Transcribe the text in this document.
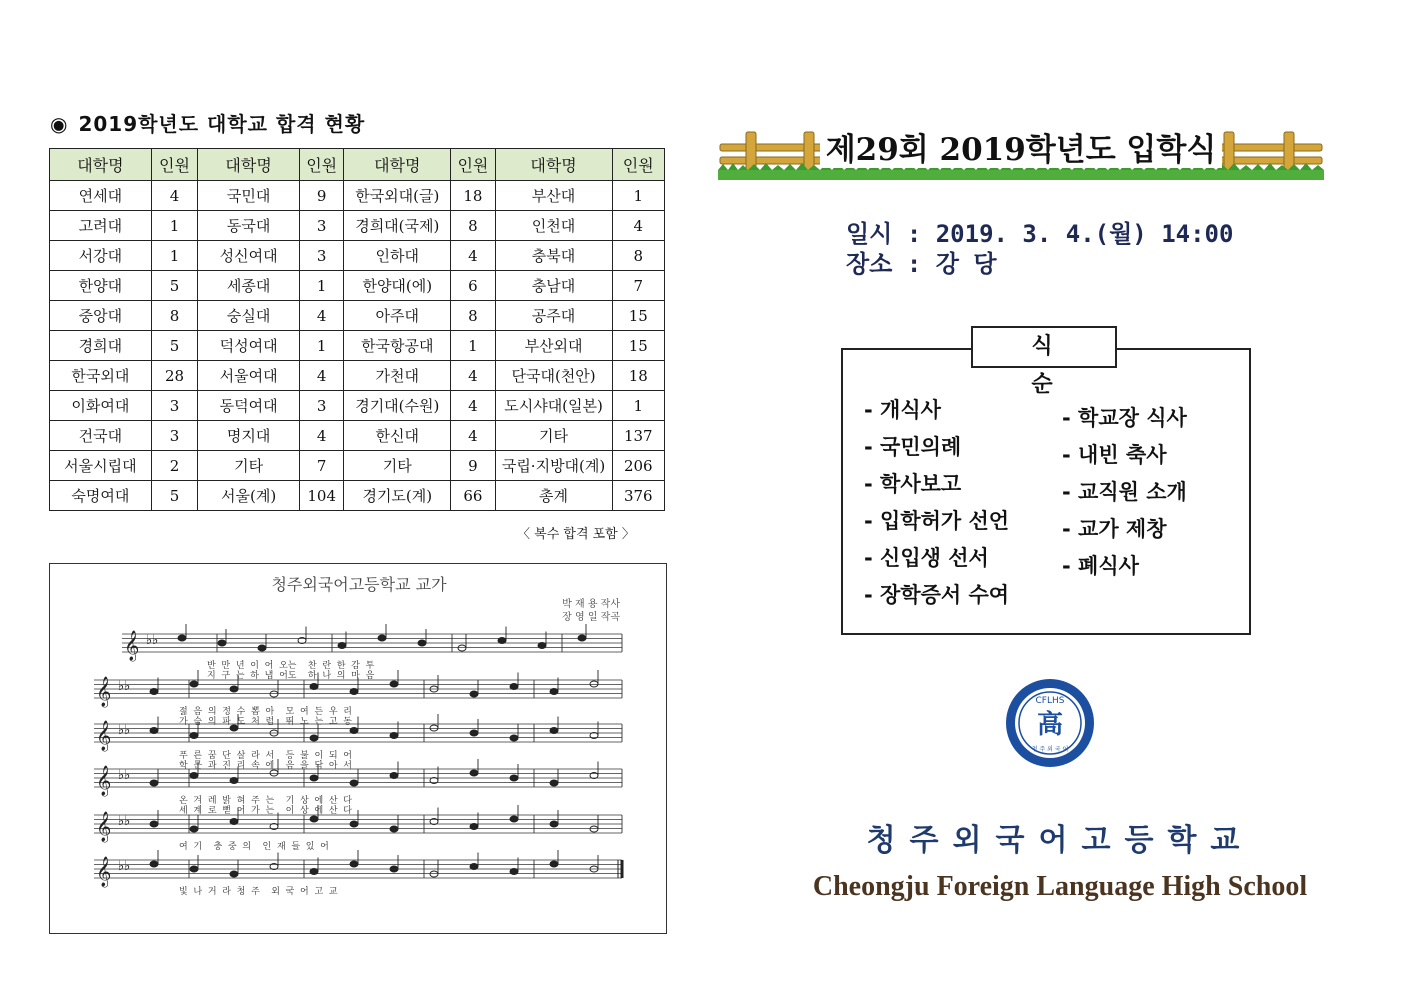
◉ 2019학년도 대학교 합격 현황
대학명	인원	대학명	인원	대학명	인원	대학명	인원
연세대	4	국민대	9	한국외대(글)	18	부산대	1
고려대	1	동국대	3	경희대(국제)	8	인천대	4
서강대	1	성신여대	3	인하대	4	충북대	8
한양대	5	세종대	1	한양대(에)	6	충남대	7
중앙대	8	숭실대	4	아주대	8	공주대	15
경희대	5	덕성여대	1	한국항공대	1	부산외대	15
한국외대	28	서울여대	4	가천대	4	단국대(천안)	18
이화여대	3	동덕여대	3	경기대(수원)	4	도시샤대(일본)	1
건국대	3	명지대	4	한신대	4	기타	137
서울시립대	2	기타	7	기타	9	국립·지방대(계)	206
숙명여대	5	서울(계)	104	경기도(계)	66	총계	376
〈 복수 합격 포함 〉
𝄞 ♭♭
𝄞 ♭♭
𝄞 ♭♭
𝄞 ♭♭
𝄞 ♭♭
𝄞 ♭♭
청주외국어고등학교 교가
박 재 용 작사
장 영 일 작곡
반  만  년  이  어  오는    찬  란  한  감  투
지  구  는  하  냅  어도    하  나  의  마  음
젊  음  의  정  수  뽐  아    모  여  든  우  리
가  슴  의  파  도  처  럼    뛰  노  는  고  동
푸  른  꿈  단  살  라  서    등  불  이  되  어
학  문  과  진  리  속  에    음  을  닦  아  서
온  겨  레  밝  혀  주  는    기  상  에  산  다
세  계  로  뻗  어  가  는    이  상  에  산  다
여  기    충  중  의    인  재  들  있  어
빛  나  거  라  청  주    외  국  어  고  교
제29회 2019학년도 입학식
일시 : 2019. 3. 4.(월) 14:00
장소 : 강 당
식 순
- 개식사
- 국민의례
- 학사보고
- 입학허가 선언
- 신입생 선서
- 장학증서 수여
- 학교장 식사
- 내빈 축사
- 교직원 소개
- 교가 제창
- 폐식사
CFLHS
高
청 주 외 국 어
청주외국어고등학교
Cheongju Foreign Language High School
